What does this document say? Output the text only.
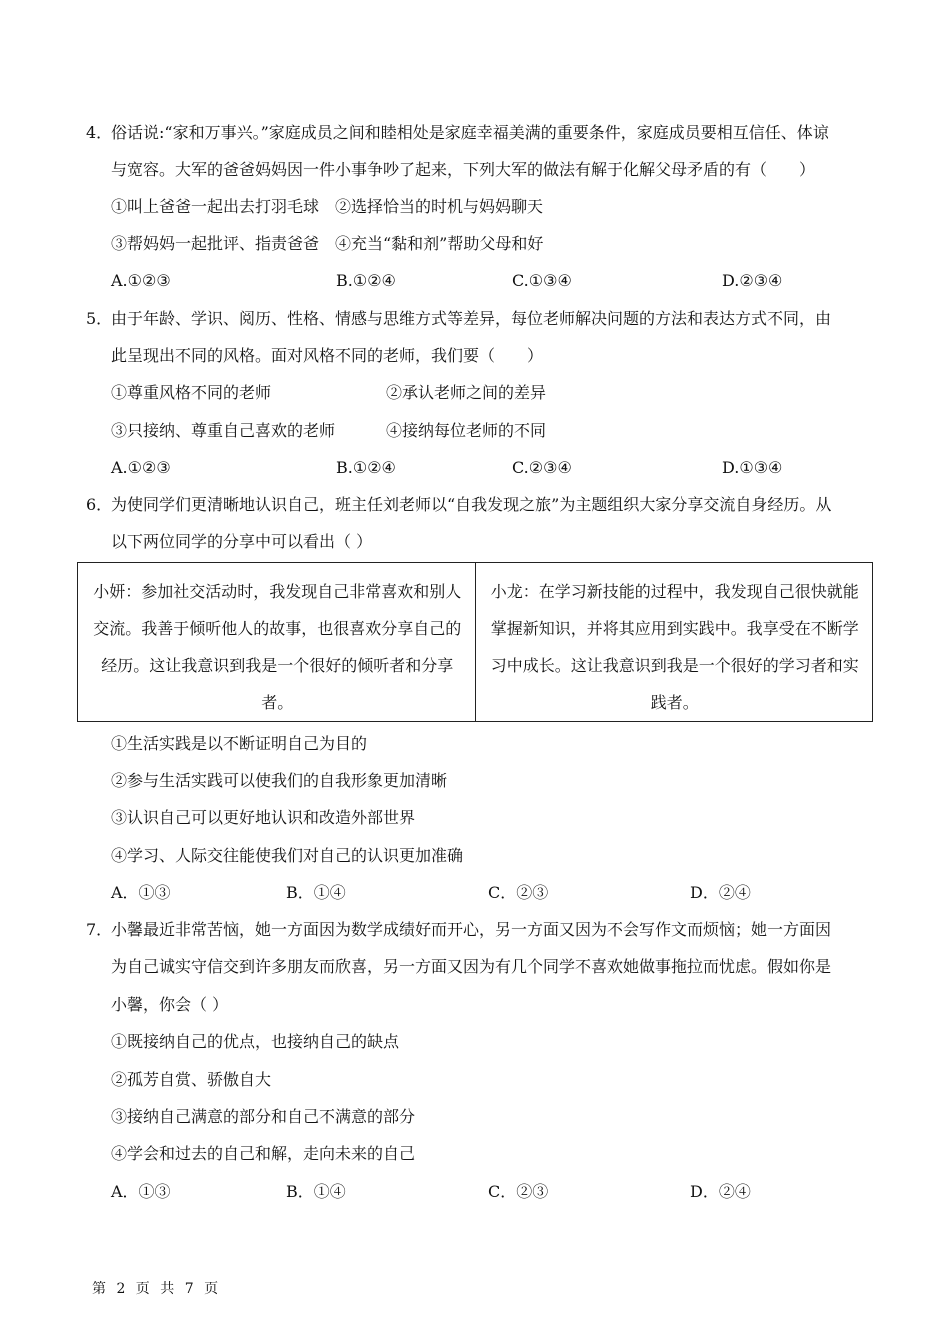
4．
俗话说:“家和万事兴。”家庭成员之间和睦相处是家庭幸福美满的重要条件，家庭成员要相互信任、体谅
与宽容。大军的爸爸妈妈因一件小事争吵了起来，下列大军的做法有解于化解父母矛盾的有（　　）
①叫上爸爸一起出去打羽毛球　②选择恰当的时机与妈妈聊天
③帮妈妈一起批评、指责爸爸　④充当“黏和剂”帮助父母和好
A.①②③	B.①②④	C.①③④	D.②③④
5．
由于年龄、学识、阅历、性格、情感与思维方式等差异，每位老师解决问题的方法和表达方式不同，由
此呈现出不同的风格。面对风格不同的老师，我们要（　　）
①尊重风格不同的老师	②承认老师之间的差异
③只接纳、尊重自己喜欢的老师	④接纳每位老师的不同
A.①②③	B.①②④	C.②③④	D.①③④
6．
为使同学们更清晰地认识自己，班主任刘老师以“自我发现之旅”为主题组织大家分享交流自身经历。从
以下两位同学的分享中可以看出（ ）
小妍：参加社交活动时，我发现自己非常喜欢和别人交流。我善于倾听他人的故事，也很喜欢分享自己的经历。这让我意识到我是一个很好的倾听者和分享者。
小龙：在学习新技能的过程中，我发现自己很快就能掌握新知识，并将其应用到实践中。我享受在不断学习中成长。这让我意识到我是一个很好的学习者和实践者。
①生活实践是以不断证明自己为目的
②参与生活实践可以使我们的自我形象更加清晰
③认识自己可以更好地认识和改造外部世界
④学习、人际交往能使我们对自己的认识更加准确
A．①③	B．①④	C．②③	D．②④
7．
小馨最近非常苦恼，她一方面因为数学成绩好而开心，另一方面又因为不会写作文而烦恼；她一方面因
为自己诚实守信交到许多朋友而欣喜，另一方面又因为有几个同学不喜欢她做事拖拉而忧虑。假如你是
小馨，你会（ ）
①既接纳自己的优点，也接纳自己的缺点
②孤芳自赏、骄傲自大
③接纳自己满意的部分和自己不满意的部分
④学会和过去的自己和解，走向未来的自己
A．①③	B．①④	C．②③	D．②④
第 2 页 共 7 页
